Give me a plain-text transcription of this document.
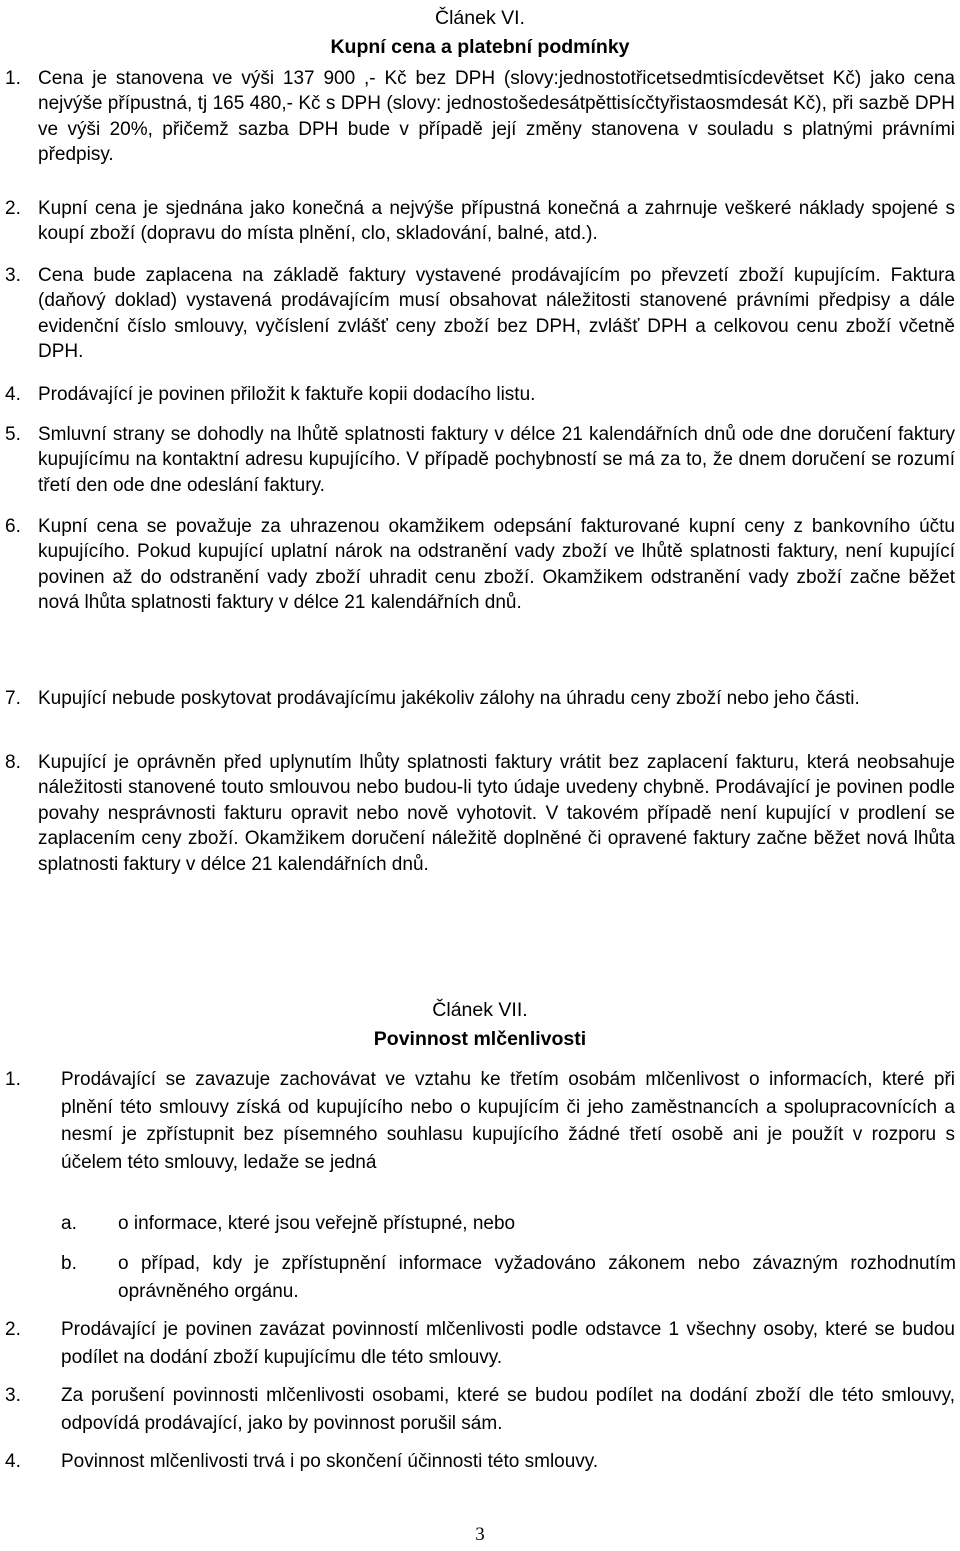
Článek VI.
Kupní cena a platební podmínky

1. Cena je stanovena ve výši 137 900 ,- Kč bez DPH (slovy:jednostotřicetsedmtisícdevětset Kč) jako cena nejvýše přípustná, tj 165 480,- Kč s DPH (slovy: jednostošedesátpěttisícčtyřistaosmdesát Kč), při sazbě DPH ve výši 20%, přičemž sazba DPH bude v případě její změny stanovena v souladu s platnými právními předpisy.

2. Kupní cena je sjednána jako konečná a nejvýše přípustná konečná a zahrnuje veškeré náklady spojené s koupí zboží (dopravu do místa plnění, clo, skladování, balné, atd.).

3. Cena bude zaplacena na základě faktury vystavené prodávajícím po převzetí zboží kupujícím. Faktura (daňový doklad) vystavená prodávajícím musí obsahovat náležitosti stanovené právními předpisy a dále evidenční číslo smlouvy, vyčíslení zvlášť ceny zboží bez DPH, zvlášť DPH a celkovou cenu zboží včetně DPH.

4. Prodávající je povinen přiložit k faktuře kopii dodacího listu.

5. Smluvní strany se dohodly na lhůtě splatnosti faktury v délce 21 kalendářních dnů ode dne doručení faktury kupujícímu na kontaktní adresu kupujícího. V případě pochybností se má za to, že dnem doručení se rozumí třetí den ode dne odeslání faktury.

6. Kupní cena se považuje za uhrazenou okamžikem odepsání fakturované kupní ceny z bankovního účtu kupujícího. Pokud kupující uplatní nárok na odstranění vady zboží ve lhůtě splatnosti faktury, není kupující povinen až do odstranění vady zboží uhradit cenu zboží. Okamžikem odstranění vady zboží začne běžet nová lhůta splatnosti faktury v délce 21 kalendářních dnů.

7. Kupující nebude poskytovat prodávajícímu jakékoliv zálohy na úhradu ceny zboží nebo jeho části.

8. Kupující je oprávněn před uplynutím lhůty splatnosti faktury vrátit bez zaplacení fakturu, která neobsahuje náležitosti stanovené touto smlouvou nebo budou-li tyto údaje uvedeny chybně. Prodávající je povinen podle povahy nesprávnosti fakturu opravit nebo nově vyhotovit. V takovém případě není kupující v prodlení se zaplacením ceny zboží. Okamžikem doručení náležitě doplněné či opravené faktury začne běžet nová lhůta splatnosti faktury v délce 21 kalendářních dnů.

Článek VII.
Povinnost mlčenlivosti

1. Prodávající se zavazuje zachovávat ve vztahu ke třetím osobám mlčenlivost o informacích, které při plnění této smlouvy získá od kupujícího nebo o kupujícím či jeho zaměstnancích a spolupracovnících a nesmí je zpřístupnit bez písemného souhlasu kupujícího žádné třetí osobě ani je použít v rozporu s účelem této smlouvy, ledaže se jedná

a. o informace, které jsou veřejně přístupné, nebo
b. o případ, kdy je zpřístupnění informace vyžadováno zákonem nebo závazným rozhodnutím oprávněného orgánu.

2. Prodávající je povinen zavázat povinností mlčenlivosti podle odstavce 1 všechny osoby, které se budou podílet na dodání zboží kupujícímu dle této smlouvy.

3. Za porušení povinnosti mlčenlivosti osobami, které se budou podílet na dodání zboží dle této smlouvy, odpovídá prodávající, jako by povinnost porušil sám.

4. Povinnost mlčenlivosti trvá i po skončení účinnosti této smlouvy.

3
